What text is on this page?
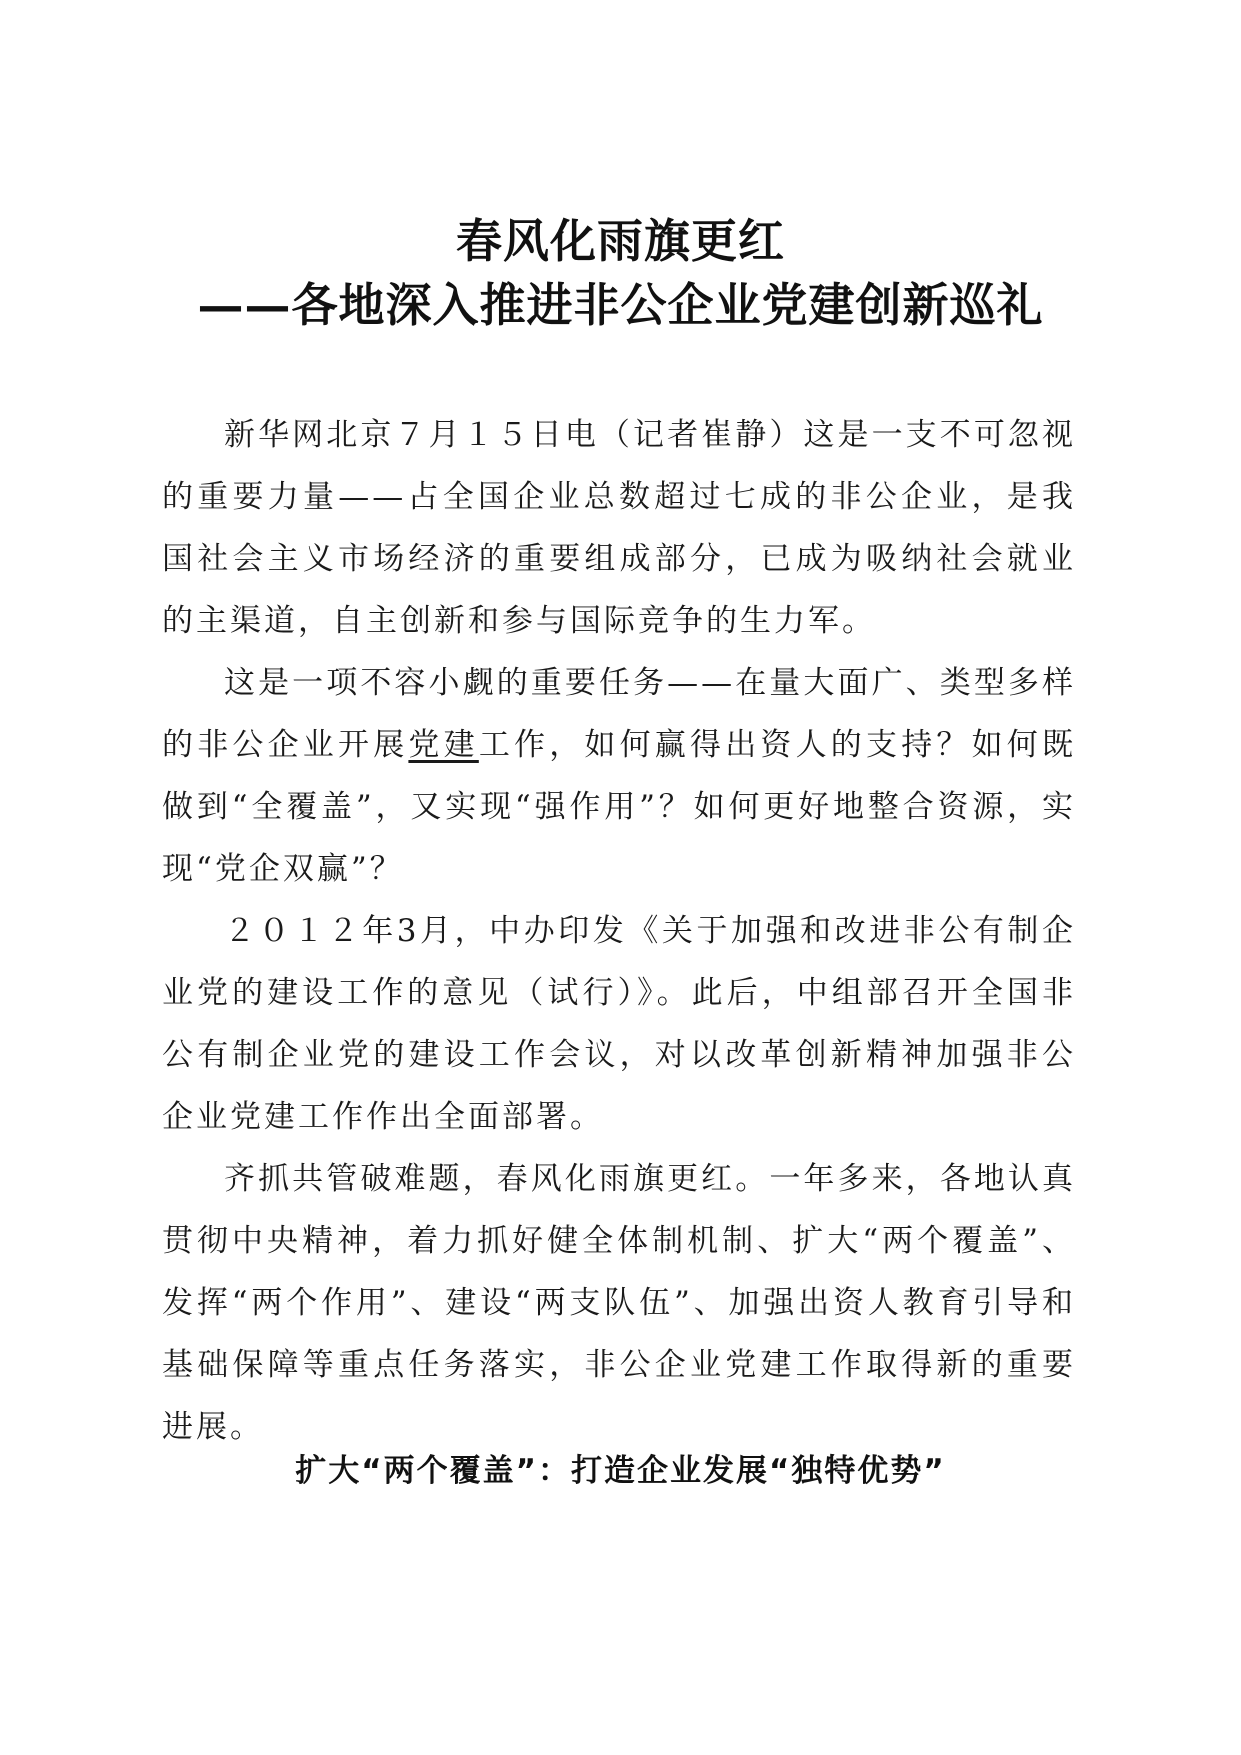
春风化雨旗更红
——各地深入推进非公企业党建创新巡礼

新华网北京７月１５日电（记者崔静）这是一支不可忽视的重要力量——占全国企业总数超过七成的非公企业，是我国社会主义市场经济的重要组成部分，已成为吸纳社会就业的主渠道，自主创新和参与国际竞争的生力军。

这是一项不容小觑的重要任务——在量大面广、类型多样的非公企业开展党建工作，如何赢得出资人的支持？如何既做到“全覆盖”，又实现“强作用”？如何更好地整合资源，实现“党企双赢”？

２０１２年3月，中办印发《关于加强和改进非公有制企业党的建设工作的意见（试行）》。此后，中组部召开全国非公有制企业党的建设工作会议，对以改革创新精神加强非公企业党建工作作出全面部署。

齐抓共管破难题，春风化雨旗更红。一年多来，各地认真贯彻中央精神，着力抓好健全体制机制、扩大“两个覆盖”、发挥“两个作用”、建设“两支队伍”、加强出资人教育引导和基础保障等重点任务落实，非公企业党建工作取得新的重要进展。

扩大“两个覆盖”：打造企业发展“独特优势”
